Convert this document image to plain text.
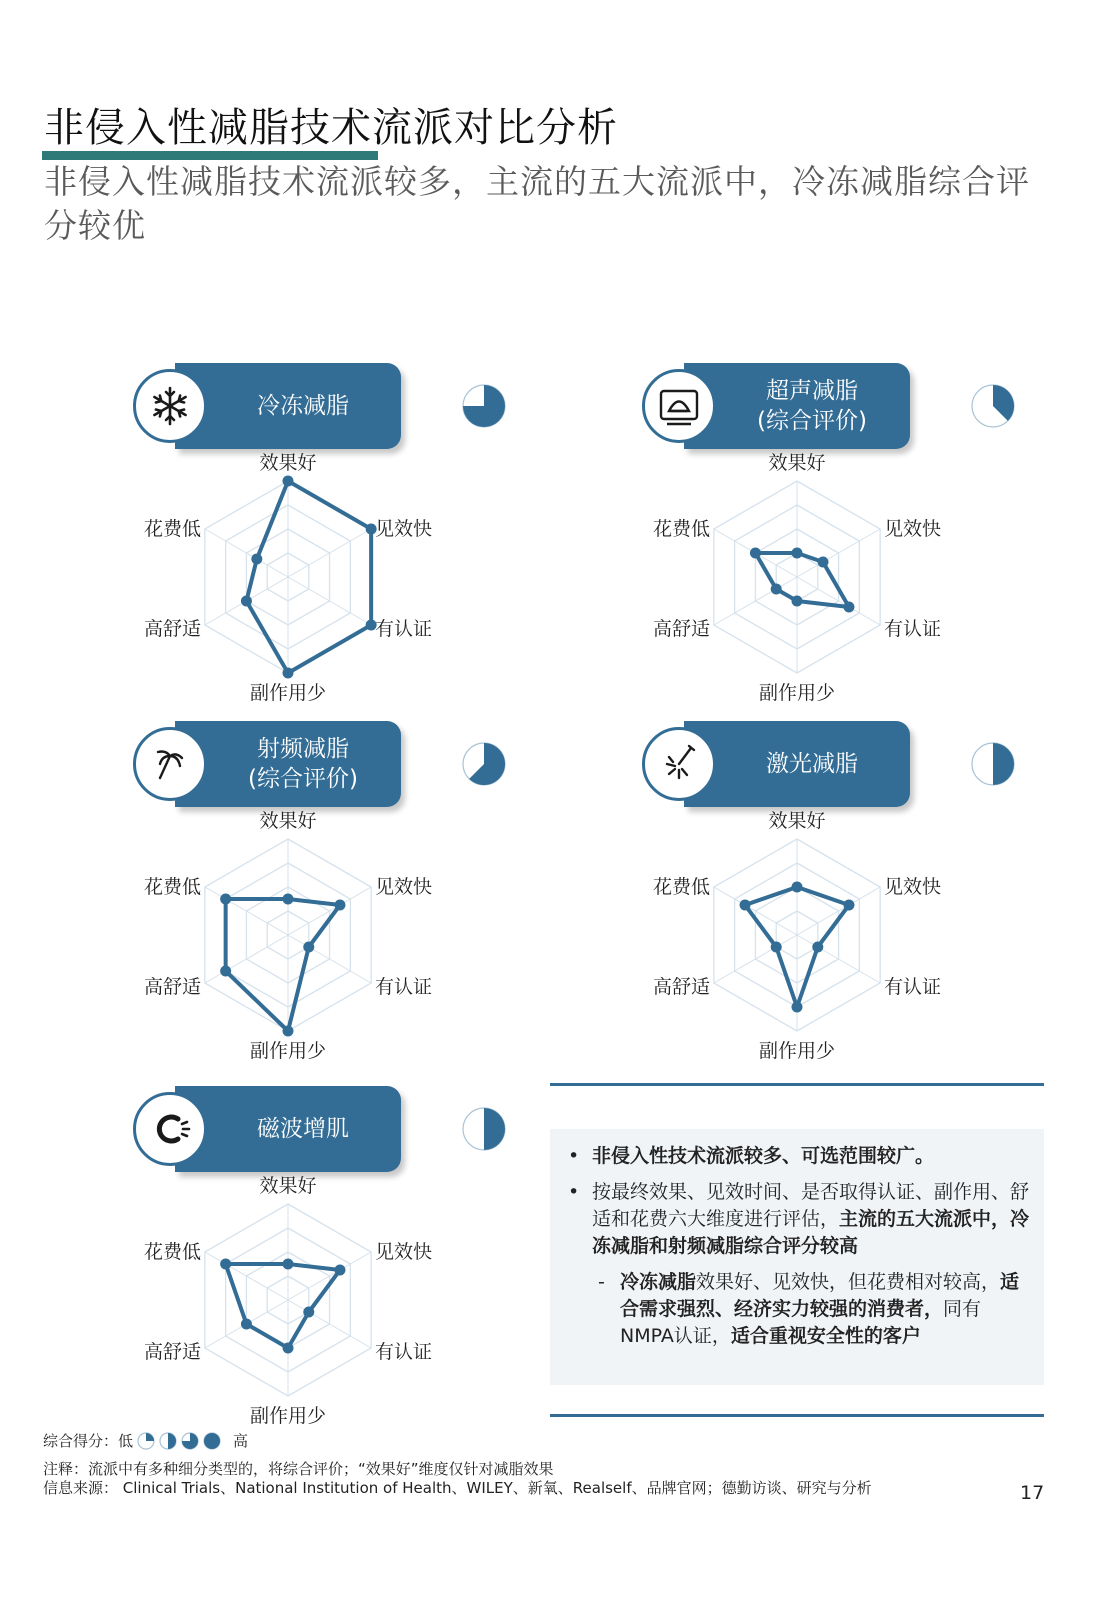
非侵入性减脂技术流派对比分析
非侵入性减脂技术流派较多，主流的五大流派中，冷冻减脂综合评分较优
冷冻减脂
效果好
见效快
有认证
副作用少
高舒适
花费低
超声减脂
(综合评价)
效果好
见效快
有认证
副作用少
高舒适
花费低
射频减脂
(综合评价)
效果好
见效快
有认证
副作用少
高舒适
花费低
激光减脂
效果好
见效快
有认证
副作用少
高舒适
花费低
磁波增肌
效果好
见效快
有认证
副作用少
高舒适
花费低
• 非侵入性技术流派较多、可选范围较广。
• 按最终效果、见效时间、是否取得认证、副作用、舒适和花费六大维度进行评估，主流的五大流派中，冷冻减脂和射频减脂综合评分较高
- 冷冻减脂效果好、见效快，但花费相对较高，适合需求强烈、经济实力较强的消费者，同有NMPA认证，适合重视安全性的客户
综合得分：低	高
注释：流派中有多种细分类型的，将综合评价；“效果好”维度仅针对减脂效果
信息来源： Clinical Trials、National Institution of Health、WILEY、新氧、Realself、品牌官网；德勤访谈、研究与分析	17
